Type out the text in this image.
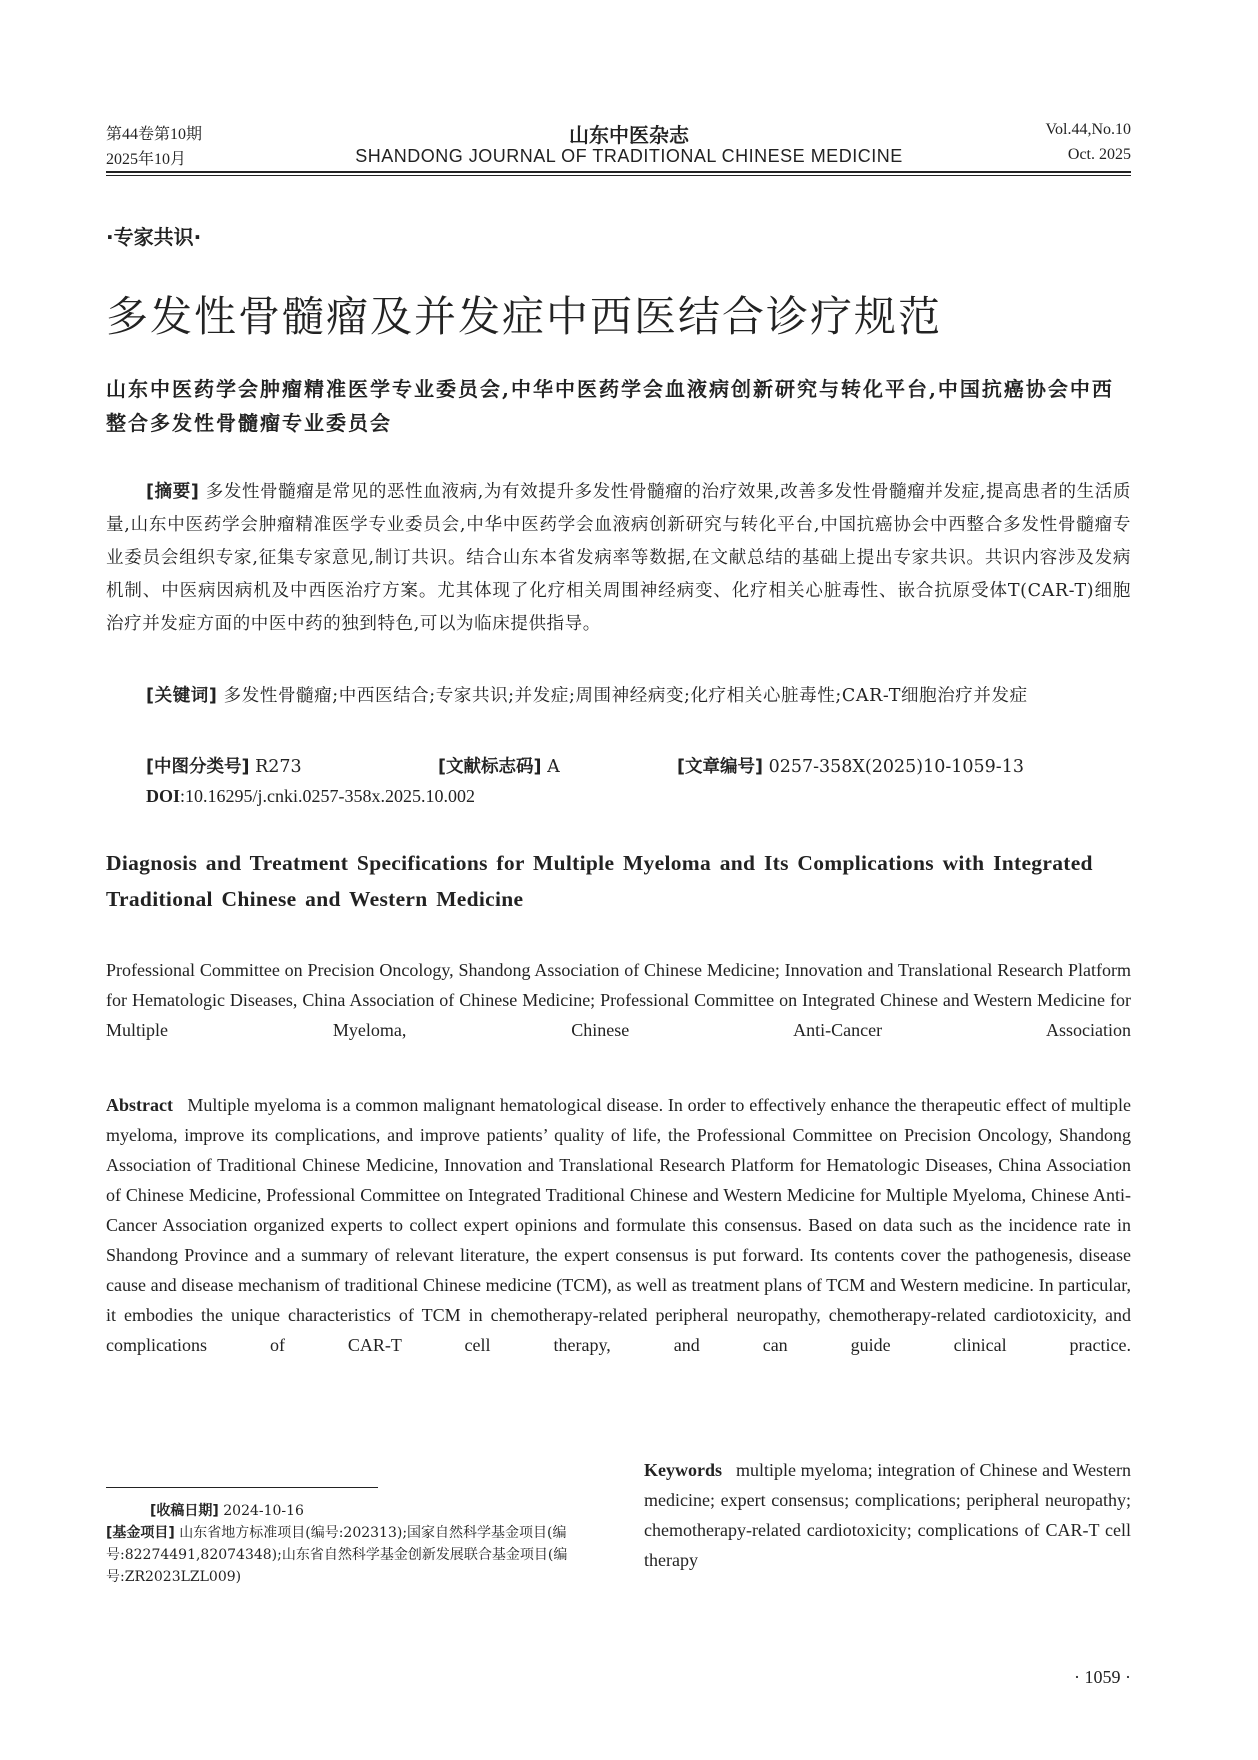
第44卷第10期
2025年10月
山东中医杂志
SHANDONG JOURNAL OF TRADITIONAL CHINESE MEDICINE
Vol.44,No.10
Oct. 2025
·专家共识·
多发性骨髓瘤及并发症中西医结合诊疗规范
山东中医药学会肿瘤精准医学专业委员会,中华中医药学会血液病创新研究与转化平台,中国抗癌协会中西整合多发性骨髓瘤专业委员会
[摘要] 多发性骨髓瘤是常见的恶性血液病,为有效提升多发性骨髓瘤的治疗效果,改善多发性骨髓瘤并发症,提高患者的生活质量,山东中医药学会肿瘤精准医学专业委员会,中华中医药学会血液病创新研究与转化平台,中国抗癌协会中西整合多发性骨髓瘤专业委员会组织专家,征集专家意见,制订共识。结合山东本省发病率等数据,在文献总结的基础上提出专家共识。共识内容涉及发病机制、中医病因病机及中西医治疗方案。尤其体现了化疗相关周围神经病变、化疗相关心脏毒性、嵌合抗原受体T(CAR-T)细胞治疗并发症方面的中医中药的独到特色,可以为临床提供指导。
[关键词] 多发性骨髓瘤;中西医结合;专家共识;并发症;周围神经病变;化疗相关心脏毒性;CAR-T细胞治疗并发症
[中图分类号] R273	[文献标志码] A	[文章编号] 0257-358X(2025)10-1059-13
DOI:10.16295/j.cnki.0257-358x.2025.10.002
Diagnosis and Treatment Specifications for Multiple Myeloma and Its Complications with Integrated Traditional Chinese and Western Medicine
Professional Committee on Precision Oncology, Shandong Association of Chinese Medicine; Innovation and Translational Research Platform for Hematologic Diseases, China Association of Chinese Medicine; Professional Committee on Integrated Chinese and Western Medicine for Multiple Myeloma, Chinese Anti-Cancer Association
Abstract Multiple myeloma is a common malignant hematological disease. In order to effectively enhance the therapeutic effect of multiple myeloma, improve its complications, and improve patients’ quality of life, the Professional Committee on Precision Oncology, Shandong Association of Traditional Chinese Medicine, Innovation and Translational Research Platform for Hematologic Diseases, China Association of Chinese Medicine, Professional Committee on Integrated Traditional Chinese and Western Medicine for Multiple Myeloma, Chinese Anti-Cancer Association organized experts to collect expert opinions and formulate this consensus. Based on data such as the incidence rate in Shandong Province and a summary of relevant literature, the expert consensus is put forward. Its contents cover the pathogenesis, disease cause and disease mechanism of traditional Chinese medicine (TCM), as well as treatment plans of TCM and Western medicine. In particular, it embodies the unique characteristics of TCM in chemotherapy-related peripheral neuropathy, chemotherapy-related cardiotoxicity, and complications of CAR-T cell therapy, and can guide clinical practice.
[收稿日期] 2024-10-16
[基金项目] 山东省地方标准项目(编号:202313);国家自然科学基金项目(编号:82274491,82074348);山东省自然科学基金创新发展联合基金项目(编号:ZR2023LZL009)
Keywords multiple myeloma; integration of Chinese and Western medicine; expert consensus; complications; peripheral neuropathy; chemotherapy-related cardiotoxicity; complications of CAR-T cell therapy
· 1059 ·
